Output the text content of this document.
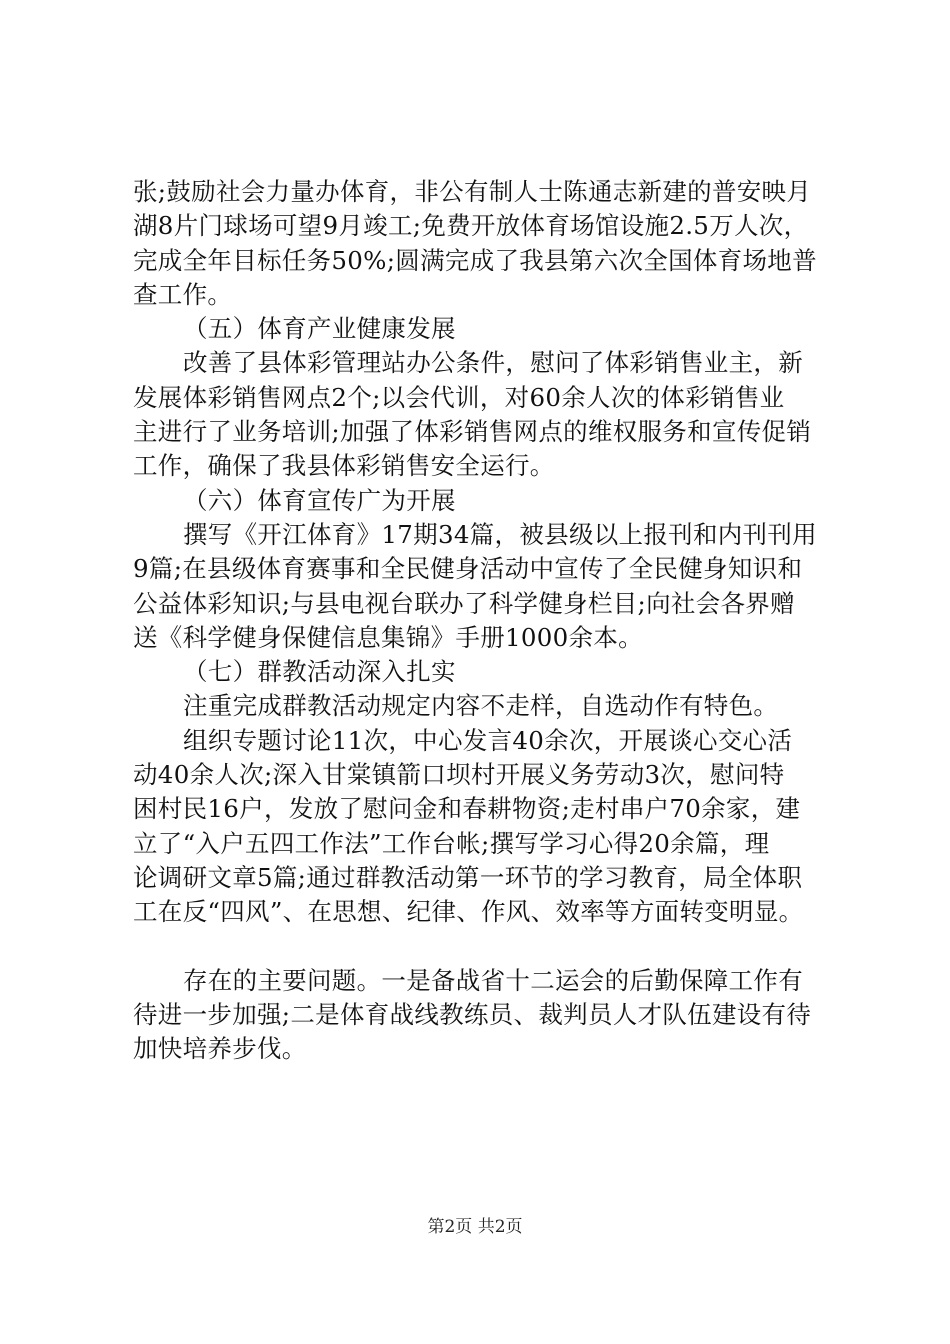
张;鼓励社会力量办体育，非公有制人士陈通志新建的普安映月
湖8片门球场可望9月竣工;免费开放体育场馆设施2.5万人次，
完成全年目标任务50%;圆满完成了我县第六次全国体育场地普
查工作。
（五）体育产业健康发展
改善了县体彩管理站办公条件，慰问了体彩销售业主，新
发展体彩销售网点2个;以会代训，对60余人次的体彩销售业
主进行了业务培训;加强了体彩销售网点的维权服务和宣传促销
工作，确保了我县体彩销售安全运行。
（六）体育宣传广为开展
撰写《开江体育》17期34篇，被县级以上报刊和内刊刊用
9篇;在县级体育赛事和全民健身活动中宣传了全民健身知识和
公益体彩知识;与县电视台联办了科学健身栏目;向社会各界赠
送《科学健身保健信息集锦》手册1000余本。
（七）群教活动深入扎实
注重完成群教活动规定内容不走样，自选动作有特色。
组织专题讨论11次，中心发言40余次，开展谈心交心活
动40余人次;深入甘棠镇箭口坝村开展义务劳动3次，慰问特
困村民16户，发放了慰问金和春耕物资;走村串户70余家，建
立了“入户五四工作法”工作台帐;撰写学习心得20余篇，理
论调研文章5篇;通过群教活动第一环节的学习教育，局全体职
工在反“四风”、在思想、纪律、作风、效率等方面转变明显。
存在的主要问题。一是备战省十二运会的后勤保障工作有
待进一步加强;二是体育战线教练员、裁判员人才队伍建设有待
加快培养步伐。
第2页 共2页
